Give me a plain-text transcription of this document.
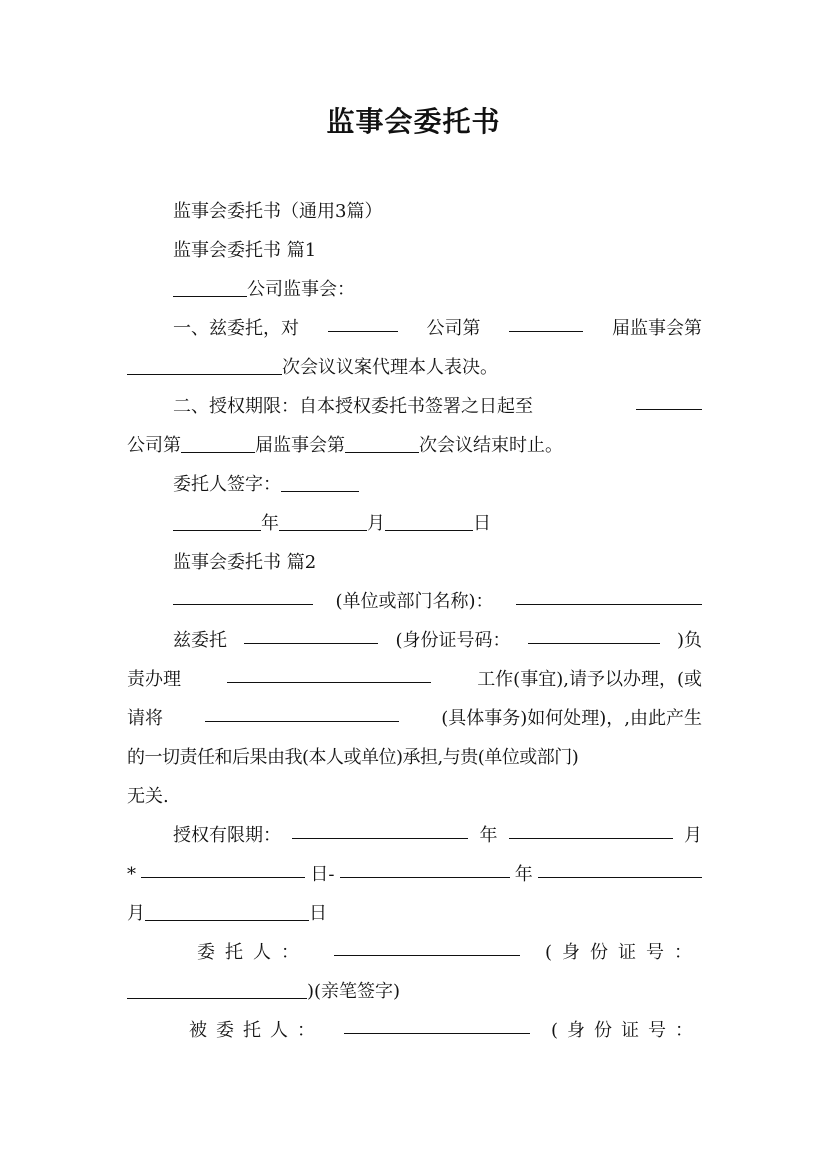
监事会委托书
监事会委托书（通用3篇）
监事会委托书 篇1
公司监事会：
一、兹委托，对	公司第	届监事会第
次会议议案代理本人表决。
二、授权期限：自本授权委托书签署之日起至
公司第	届监事会第	次会议结束时止。
委托人签字：
年	月	日
监事会委托书 篇2
(单位或部门名称)：
兹委托	(身份证号码：	)负
责办理	工作(事宜),请予以办理，(或
请将	(具体事务)如何处理)，,由此产生
的一切责任和后果由我(本人或单位)承担,与贵(单位或部门)
无关.
授权有限期：	年	月
*	日-	年
月	日
委托人：	(身份证号：
)(亲笔签字)
被委托人：	(身份证号：
